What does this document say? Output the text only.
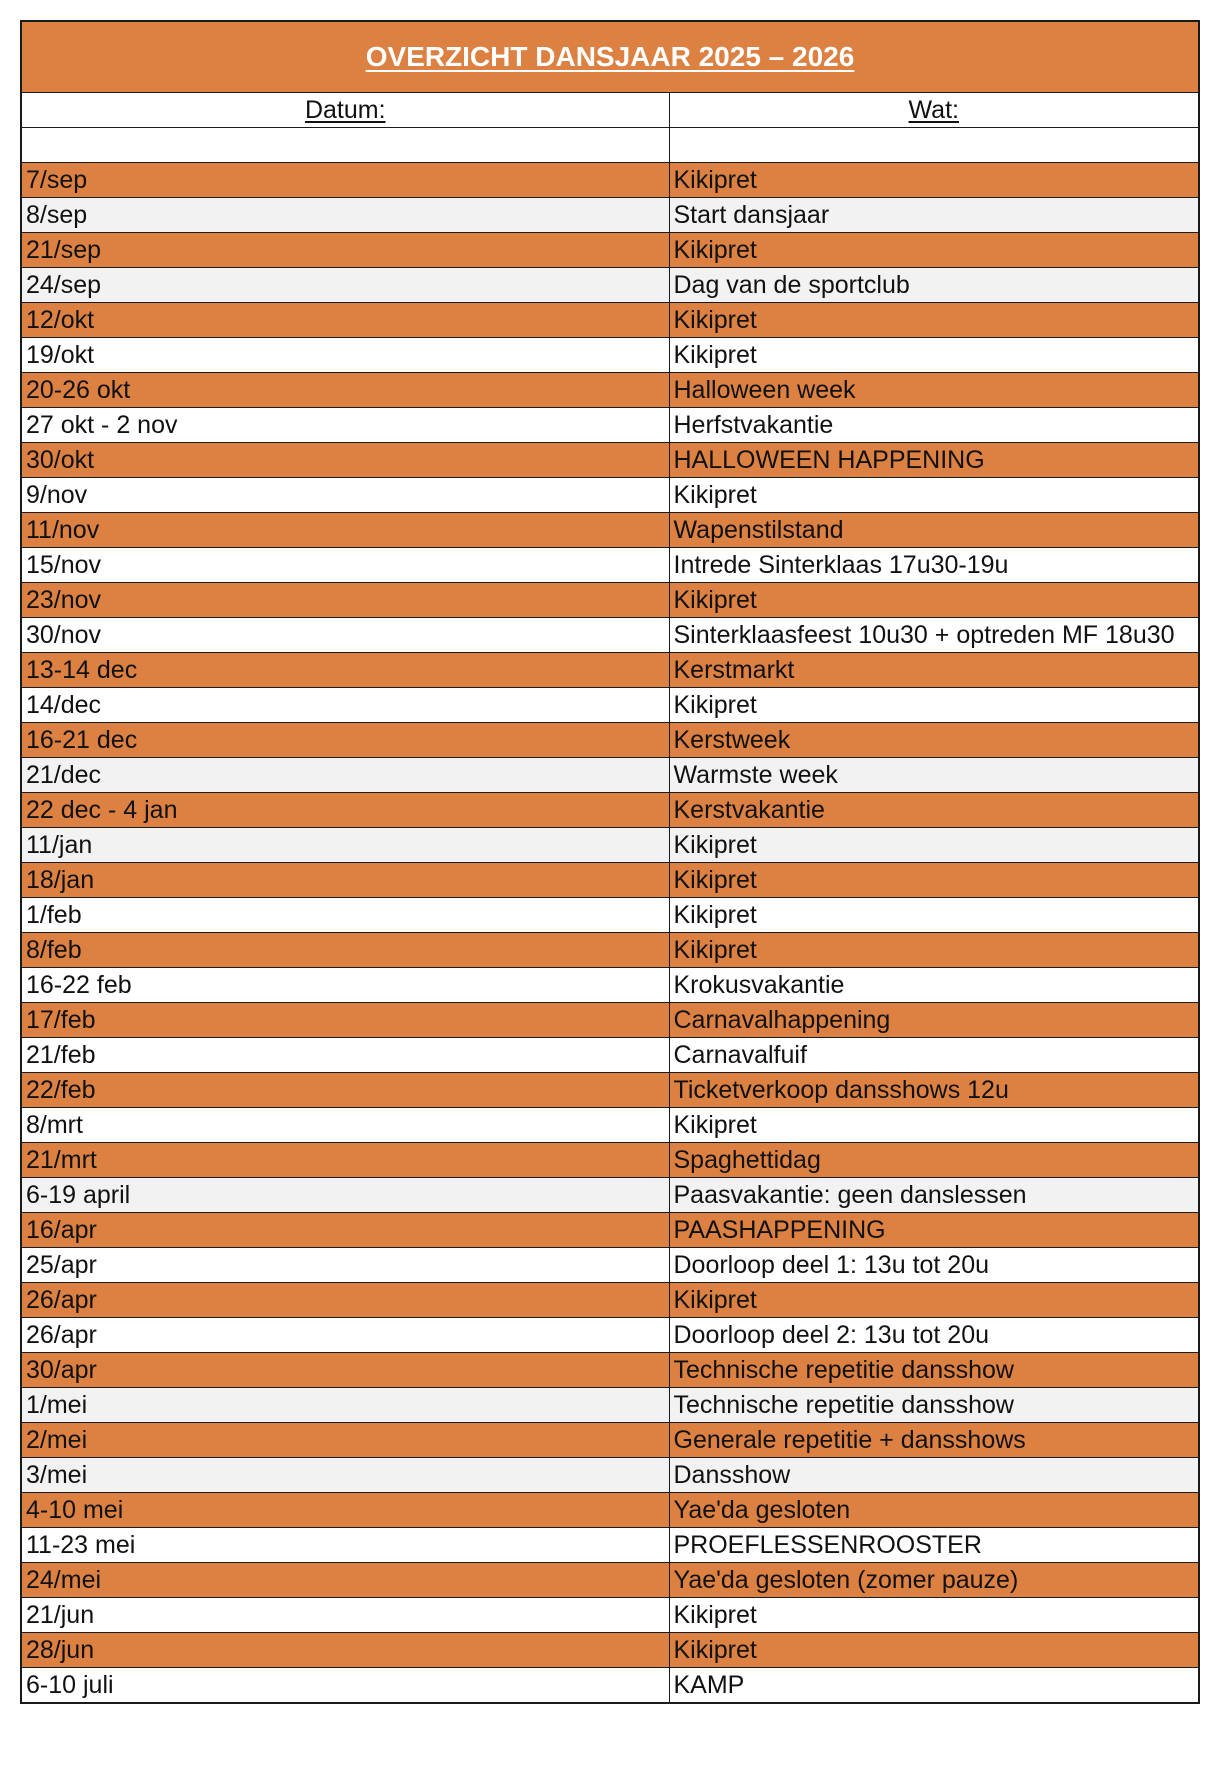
OVERZICHT DANSJAAR 2025 – 2026	
Datum:	Wat:

7/sep	Kikipret
8/sep	Start dansjaar
21/sep	Kikipret
24/sep	Dag van de sportclub
12/okt	Kikipret
19/okt	Kikipret
20-26 okt	Halloween week
27 okt - 2 nov	Herfstvakantie
30/okt	HALLOWEEN HAPPENING
9/nov	Kikipret
11/nov	Wapenstilstand
15/nov	Intrede Sinterklaas 17u30-19u
23/nov	Kikipret
30/nov	Sinterklaasfeest 10u30 + optreden MF 18u30
13-14 dec	Kerstmarkt
14/dec	Kikipret
16-21 dec	Kerstweek
21/dec	Warmste week
22 dec - 4 jan	Kerstvakantie
11/jan	Kikipret
18/jan	Kikipret
1/feb	Kikipret
8/feb	Kikipret
16-22 feb	Krokusvakantie
17/feb	Carnavalhappening
21/feb	Carnavalfuif
22/feb	Ticketverkoop dansshows 12u
8/mrt	Kikipret
21/mrt	Spaghettidag
6-19 april	Paasvakantie: geen danslessen
16/apr	PAASHAPPENING
25/apr	Doorloop deel 1: 13u tot 20u
26/apr	Kikipret
26/apr	Doorloop deel 2: 13u tot 20u
30/apr	Technische repetitie dansshow
1/mei	Technische repetitie dansshow
2/mei	Generale repetitie + dansshows
3/mei	Dansshow
4-10 mei	Yae'da gesloten
11-23 mei	PROEFLESSENROOSTER
24/mei	Yae'da gesloten (zomer pauze)
21/jun	Kikipret
28/jun	Kikipret
6-10 juli	KAMP
